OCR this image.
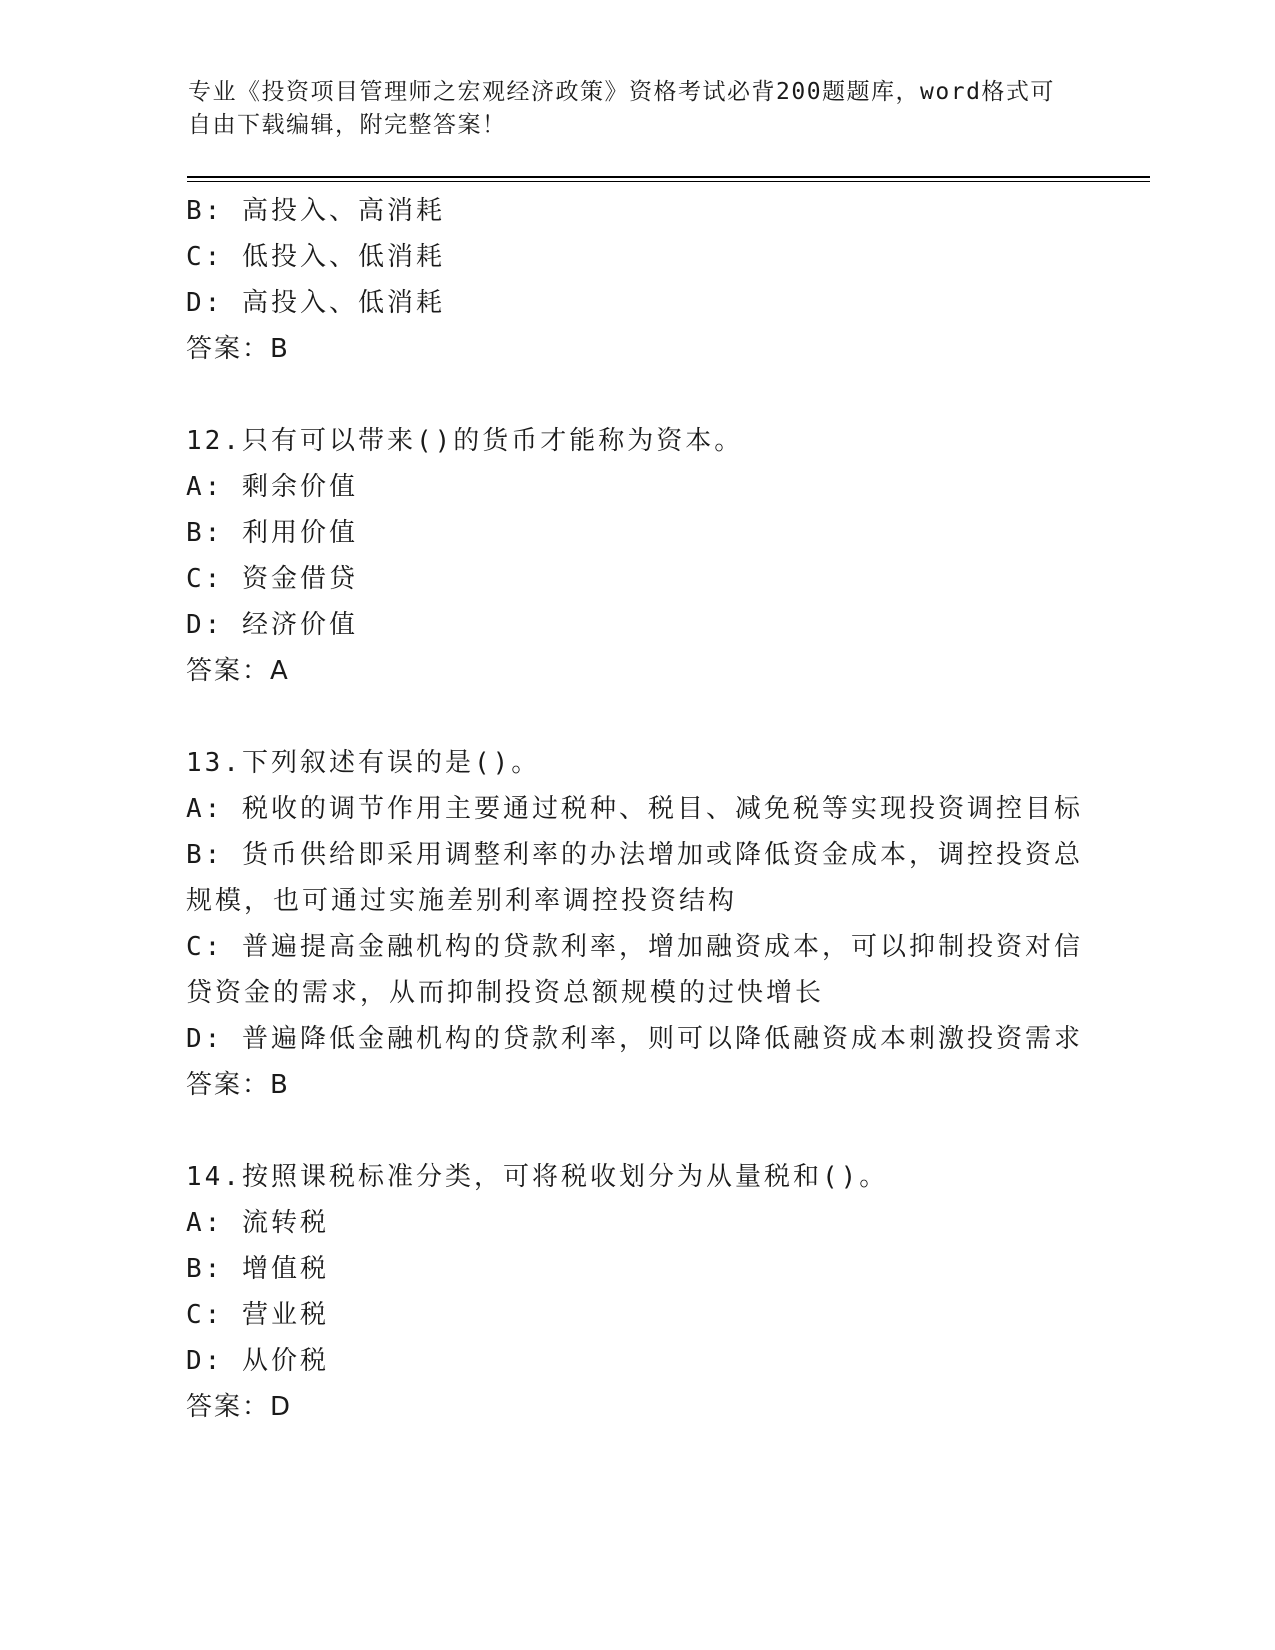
专业《投资项目管理师之宏观经济政策》资格考试必背200题题库，word格式可
自由下载编辑，附完整答案！
B: 高投入、高消耗
C: 低投入、低消耗
D: 高投入、低消耗
答案：B
12.只有可以带来()的货币才能称为资本。
A: 剩余价值
B: 利用价值
C: 资金借贷
D: 经济价值
答案：A
13.下列叙述有误的是()。
A: 税收的调节作用主要通过税种、税目、减免税等实现投资调控目标
B: 货币供给即采用调整利率的办法增加或降低资金成本，调控投资总
规模，也可通过实施差别利率调控投资结构
C: 普遍提高金融机构的贷款利率，增加融资成本，可以抑制投资对信
贷资金的需求，从而抑制投资总额规模的过快增长
D: 普遍降低金融机构的贷款利率，则可以降低融资成本刺激投资需求
答案：B
14.按照课税标准分类，可将税收划分为从量税和()。
A: 流转税
B: 增值税
C: 营业税
D: 从价税
答案：D
